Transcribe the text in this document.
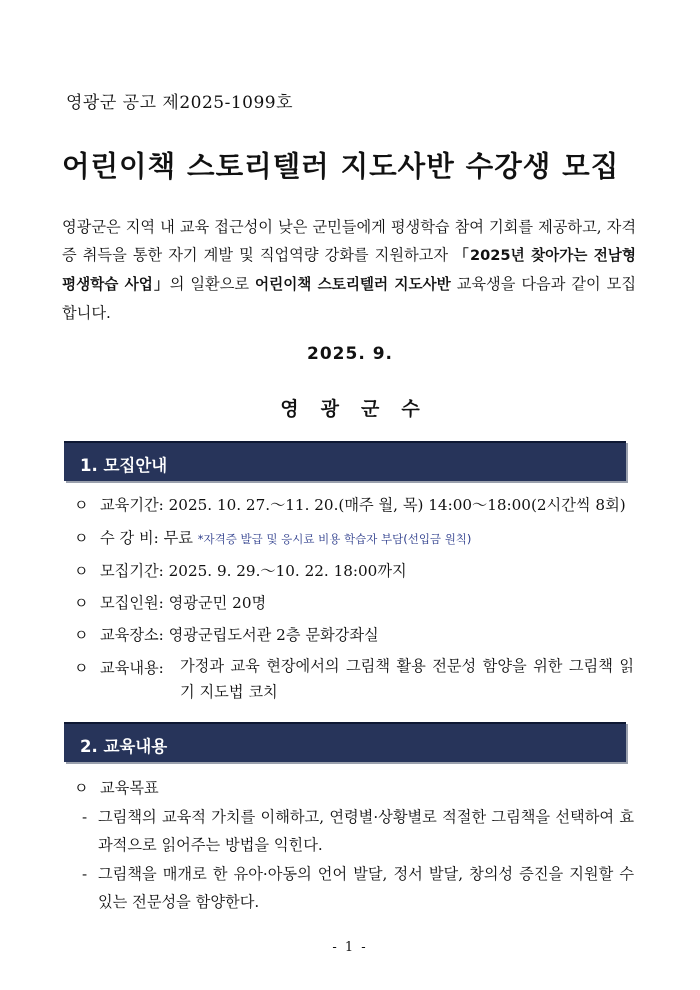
영광군 공고 제2025-1099호
어린이책 스토리텔러 지도사반 수강생 모집
영광군은 지역 내 교육 접근성이 낮은 군민들에게 평생학습 참여 기회를 제공하고, 자격증 취득을 통한 자기 계발 및 직업역량 강화를 지원하고자 「2025년 찾아가는 전남형 평생학습 사업」의 일환으로 어린이책 스토리텔러 지도사반 교육생을 다음과 같이 모집합니다.
2025. 9.
영광군수
1. 모집안내
ㅇ 교육기간: 2025. 10. 27.～11. 20.(매주 월, 목) 14:00～18:00(2시간씩 8회)
ㅇ 수 강 비: 무료 *자격증 발급 및 응시료 비용 학습자 부담(선입금 원칙)
ㅇ 모집기간: 2025. 9. 29.～10. 22. 18:00까지
ㅇ 모집인원: 영광군민 20명
ㅇ 교육장소: 영광군립도서관 2층 문화강좌실
ㅇ 교육내용: 가정과 교육 현장에서의 그림책 활용 전문성 함양을 위한 그림책 읽기 지도법 코치
2. 교육내용
ㅇ 교육목표
- 그림책의 교육적 가치를 이해하고, 연령별·상황별로 적절한 그림책을 선택하여 효과적으로 읽어주는 방법을 익힌다.
- 그림책을 매개로 한 유아·아동의 언어 발달, 정서 발달, 창의성 증진을 지원할 수 있는 전문성을 함양한다.
- 1 -
